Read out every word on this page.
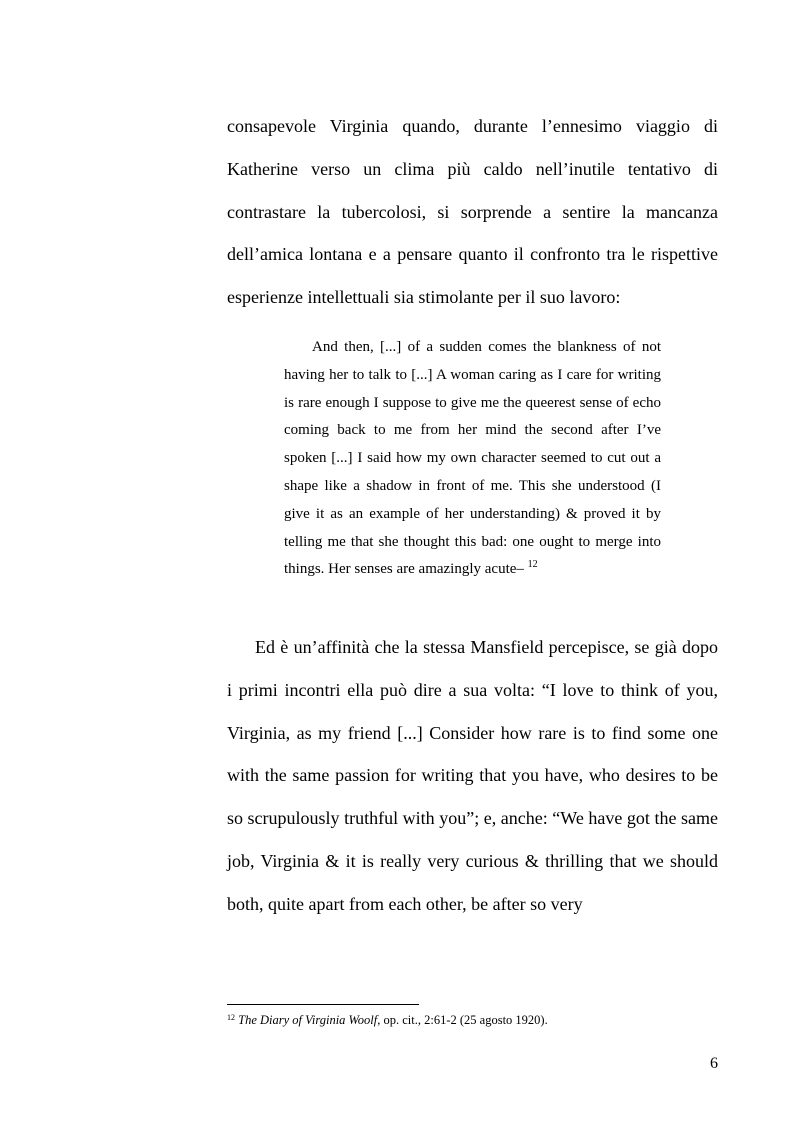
consapevole Virginia quando, durante l’ennesimo viaggio di Katherine verso un clima più caldo nell’inutile tentativo di contrastare la tubercolosi, si sorprende a sentire la mancanza dell’amica lontana e a pensare quanto il confronto tra le rispettive esperienze intellettuali sia stimolante per il suo lavoro:

And then, [...] of a sudden comes the blankness of not having her to talk to [...] A woman caring as I care for writing is rare enough I suppose to give me the queerest sense of echo coming back to me from her mind the second after I’ve spoken [...] I said how my own character seemed to cut out a shape like a shadow in front of me. This she understood (I give it as an example of her understanding) & proved it by telling me that she thought this bad: one ought to merge into things. Her senses are amazingly acute– $^{12}$

Ed è un’affinità che la stessa Mansfield percepisce, se già dopo i primi incontri ella può dire a sua volta: “I love to think of you, Virginia, as my friend [...] Consider how rare is to find some one with the same passion for writing that you have, who desires to be so scrupulously truthful with you”; e, anche: “We have got the same job, Virginia & it is really very curious & thrilling that we should both, quite apart from each other, be after so very

$^{12}$ The Diary of Virginia Woolf, op. cit., 2:61-2 (25 agosto 1920).

6
